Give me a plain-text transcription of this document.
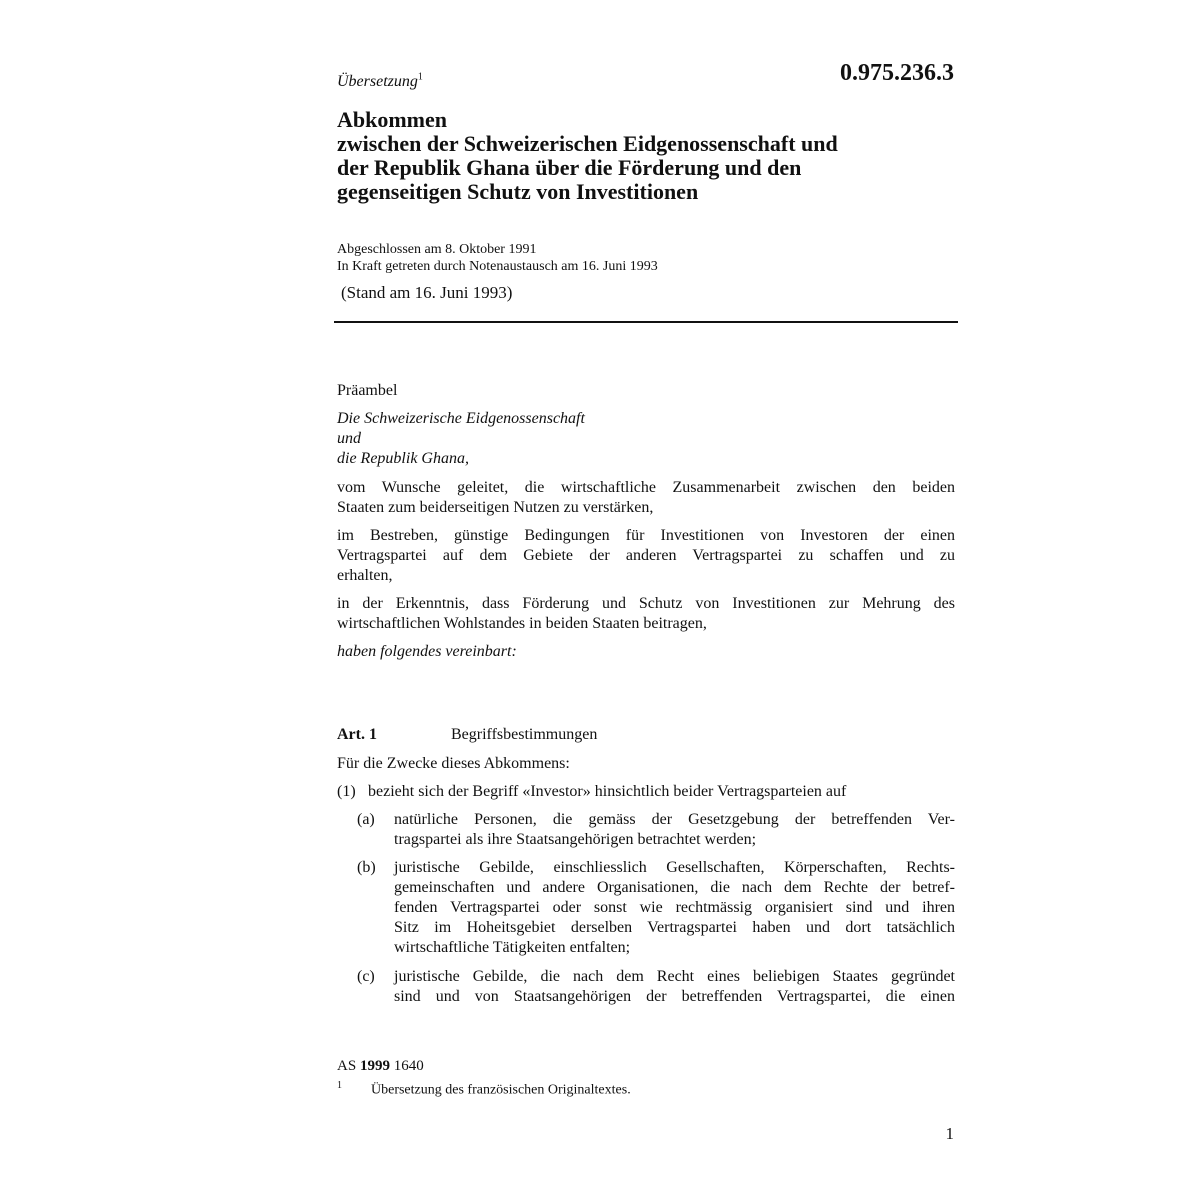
Übersetzung$^1$	0.975.236.3
Abkommen
zwischen der Schweizerischen Eidgenossenschaft und
der Republik Ghana über die Förderung und den
gegenseitigen Schutz von Investitionen
Abgeschlossen am 8. Oktober 1991
In Kraft getreten durch Notenaustausch am 16. Juni 1993
(Stand am 16. Juni 1993)
Präambel
Die Schweizerische Eidgenossenschaft
und
die Republik Ghana,
vom Wunsche geleitet, die wirtschaftliche Zusammenarbeit zwischen den beiden
Staaten zum beiderseitigen Nutzen zu verstärken,
im Bestreben, günstige Bedingungen für Investitionen von Investoren der einen
Vertragspartei auf dem Gebiete der anderen Vertragspartei zu schaffen und zu
erhalten,
in der Erkenntnis, dass Förderung und Schutz von Investitionen zur Mehrung des
wirtschaftlichen Wohlstandes in beiden Staaten beitragen,
haben folgendes vereinbart:
Art. 1	Begriffsbestimmungen
Für die Zwecke dieses Abkommens:
(1) bezieht sich der Begriff «Investor» hinsichtlich beider Vertragsparteien auf
(a)	natürliche Personen, die gemäss der Gesetzgebung der betreffenden Ver-
tragspartei als ihre Staatsangehörigen betrachtet werden;
(b)	juristische Gebilde, einschliesslich Gesellschaften, Körperschaften, Rechts-
gemeinschaften und andere Organisationen, die nach dem Rechte der betref-
fenden Vertragspartei oder sonst wie rechtmässig organisiert sind und ihren
Sitz im Hoheitsgebiet derselben Vertragspartei haben und dort tatsächlich
wirtschaftliche Tätigkeiten entfalten;
(c)	juristische Gebilde, die nach dem Recht eines beliebigen Staates gegründet
sind und von Staatsangehörigen der betreffenden Vertragspartei, die einen
AS 1999 1640
1 Übersetzung des französischen Originaltextes.
1
